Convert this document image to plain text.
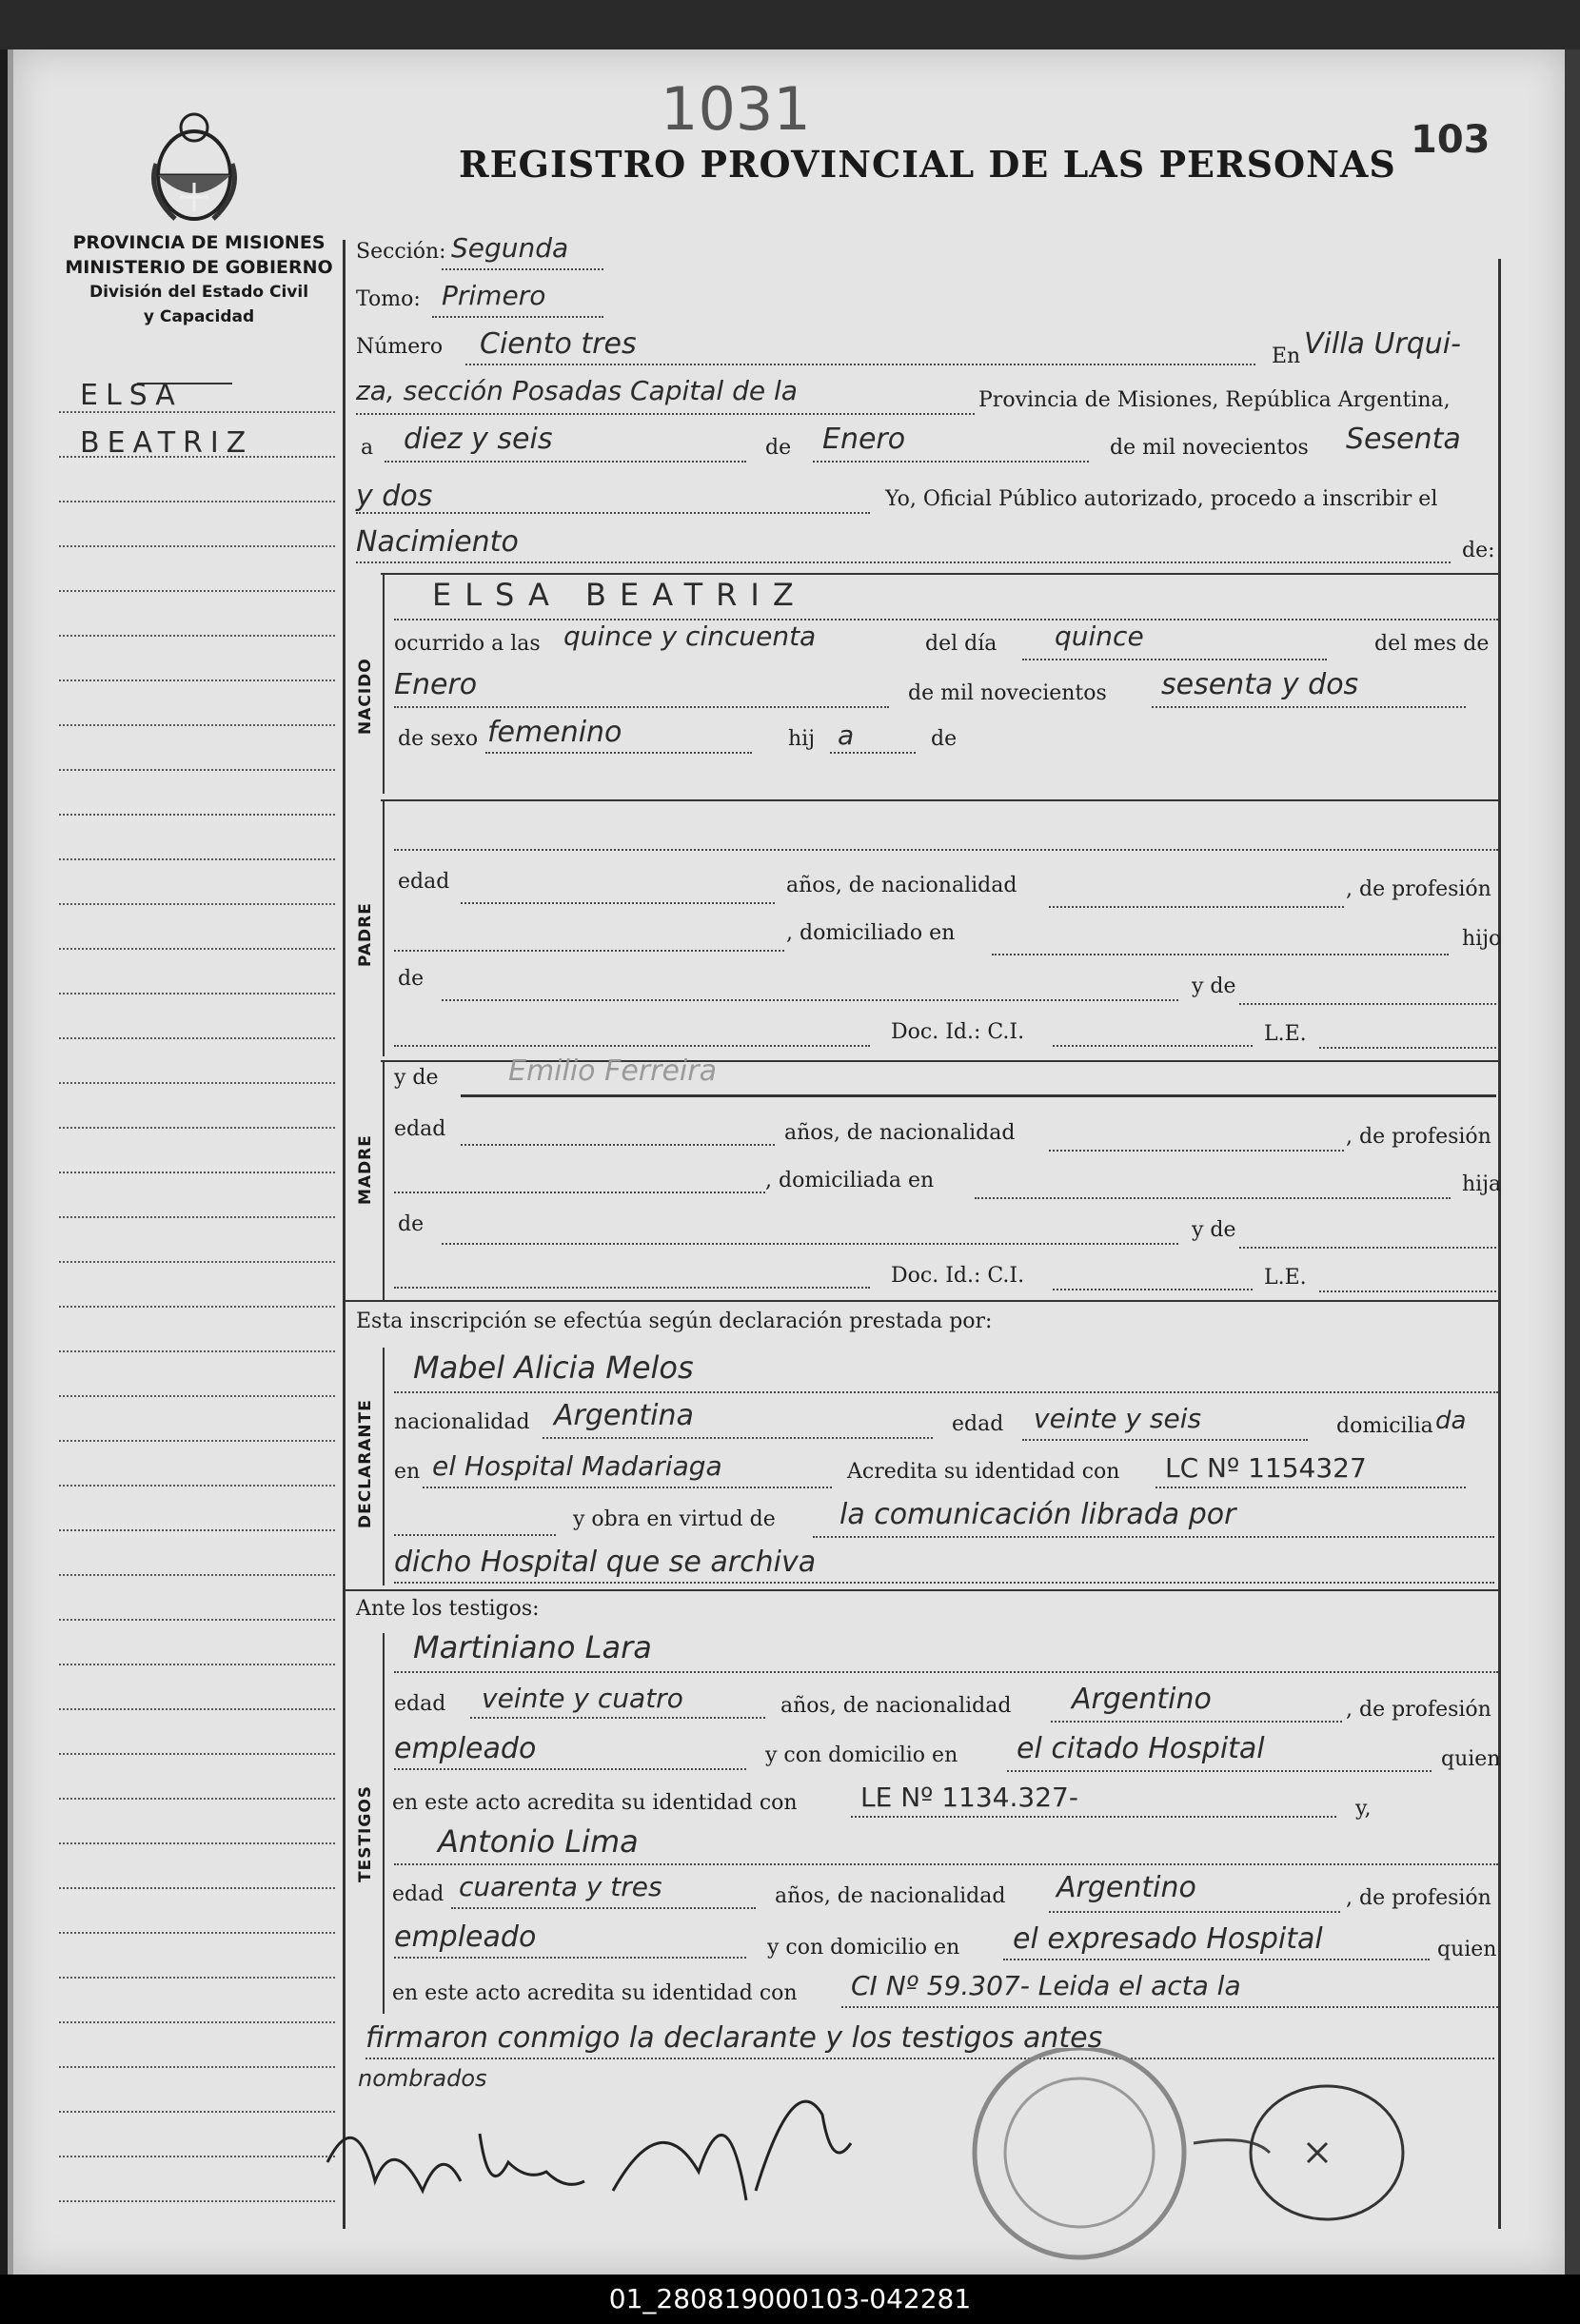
REGISTRO PROVINCIAL DE LAS PERSONAS
1031	103
PROVINCIA DE MISIONES
MINISTERIO DE GOBIERNO
División del Estado Civil
y Capacidad
ELSA
BEATRIZ
Sección: Segunda
Tomo: Primero
Número Ciento tres	En Villa Urqui-
za, sección Posadas Capital de la	Provincia de Misiones, República Argentina,
a diez y seis	de Enero	de mil novecientos Sesenta
y dos	Yo, Oficial Público autorizado, procedo a inscribir el
Nacimiento	de:
NACIDO
ELSA BEATRIZ
ocurrido a las quince y cincuenta	del día quince	del mes de
Enero	de mil novecientos sesenta y dos
de sexo femenino	hij a	de
PADRE
edad	años, de nacionalidad	, de profesión
, domiciliado en	hijo
de	y de
Doc. Id.: C.I.	L.E.
MADRE
y de Emilio Ferreira
edad	años, de nacionalidad	, de profesión
, domiciliada en	hija
de	y de
Doc. Id.: C.I.	L.E.
Esta inscripción se efectúa según declaración prestada por:
DECLARANTE
Mabel Alicia Melos
nacionalidad Argentina	edad veinte y seis	domicilia da
en el Hospital Madariaga	Acredita su identidad con LC Nº 1154327
y obra en virtud de la comunicación librada por
dicho Hospital que se archiva
Ante los testigos:
TESTIGOS
Martiniano Lara
edad veinte y cuatro	años, de nacionalidad Argentino	, de profesión
empleado	y con domicilio en el citado Hospital	quien
en este acto acredita su identidad con LE Nº 1134.327-	y,
Antonio Lima
edad cuarenta y tres	años, de nacionalidad Argentino	, de profesión
empleado	y con domicilio en el expresado Hospital	quien
en este acto acredita su identidad con CI Nº 59.307- Leida el acta la
firmaron conmigo la declarante y los testigos antes
nombrados
01_280819000103-042281
